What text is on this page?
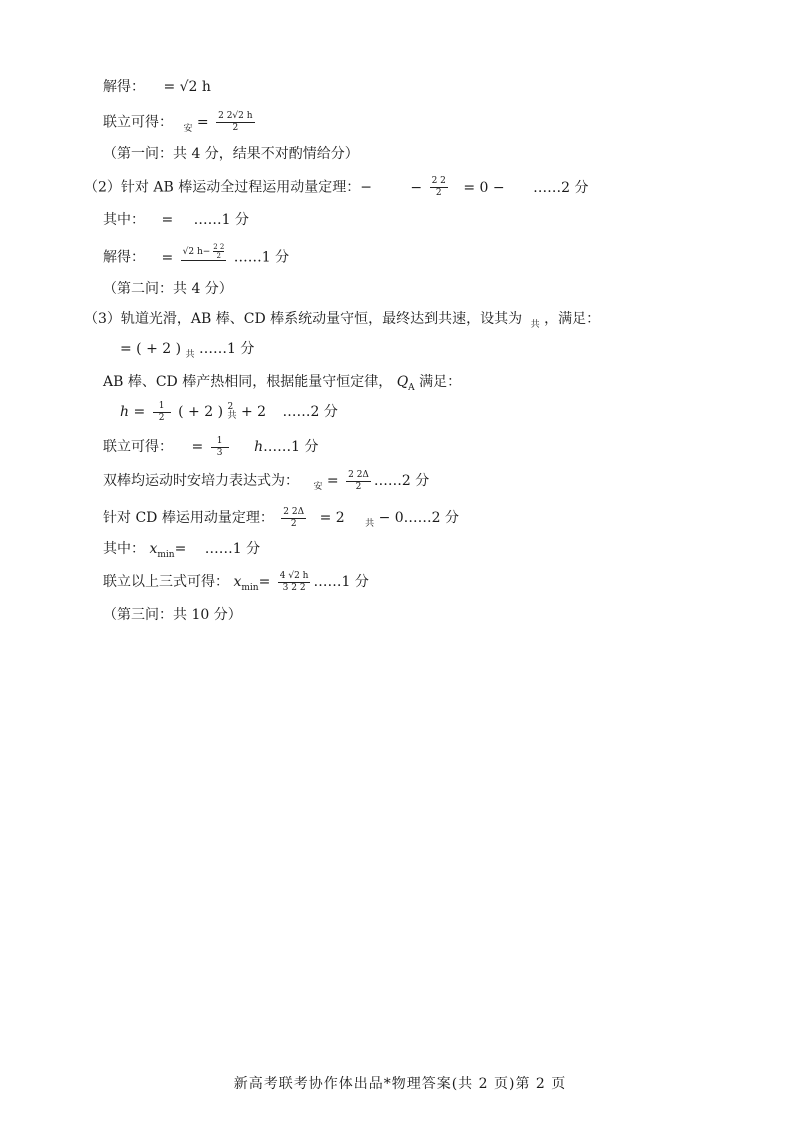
解得： = √2 h
联立可得： $_安 = \frac{2 2√2 h}{2}$
（第一问：共 4 分，结果不对酌情给分）
（2）针对 AB 棒运动全过程运用动量定理：−	− $\frac{2 2}{2} = 0$ − ……2 分
其中： = ……1 分
解得： = √2 $h- \frac{2 2}{2}$
……1 分
（第二问：共 4 分）
（3）轨道光滑，AB 棒、CD 棒系统动量守恒，最终达到共速，设其为 $_共$ ，满足：
= ( + 2 ) $_共$ ……1 分
AB 棒、CD 棒产热相同，根据能量守恒定律， $Q_A$ 满足：
$h = \frac{1}{2}$ ( + 2 ) 2
共 + 2 ……2 分
联立可得： = $\frac{1}{3}$ h……1 分
双棒均运动时安培力表达式为： $_安 = \frac{2 2\Delta}{2}$ ……2 分
针对 CD 棒运用动量定理： $\frac{2 2\Delta}{2} = 2$ $_共$ − 0……2 分
其中： $x_{min}=$ ……1 分
联立以上三式可得： $x_{min}= \frac{4 √2 h}{3 2 2}$ ……1 分
（第三问：共 10 分）
新高考联考协作体出品*物理答案(共 2 页)第 2 页
